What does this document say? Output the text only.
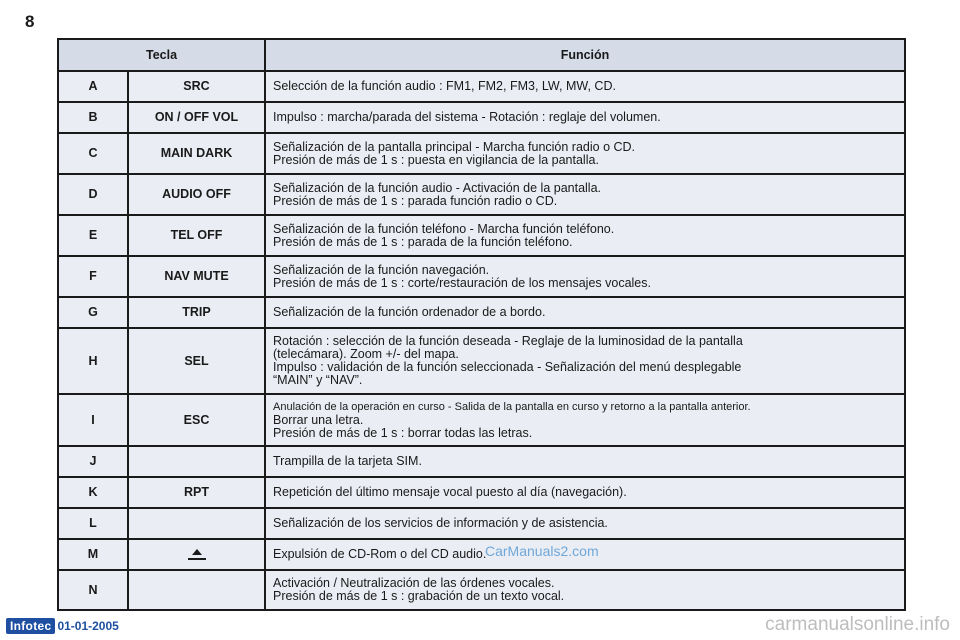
8
Tecla		Función
A	SRC	Selección de la función audio : FM1, FM2, FM3, LW, MW, CD.

B	ON / OFF VOL	Impulso : marcha/parada del sistema - Rotación : reglaje del volumen.

C	MAIN DARK	Señalización de la pantalla principal - Marcha función radio o CD.
Presión de más de 1 s : puesta en vigilancia de la pantalla.

D	AUDIO OFF	Señalización de la función audio - Activación de la pantalla.
Presión de más de 1 s : parada función radio o CD.

E	TEL OFF	Señalización de la función teléfono - Marcha función teléfono.
Presión de más de 1 s : parada de la función teléfono.

F	NAV MUTE	Señalización de la función navegación.
Presión de más de 1 s : corte/restauración de los mensajes vocales.

G	TRIP	Señalización de la función ordenador de a bordo.

H	SEL	Rotación : selección de la función deseada - Reglaje de la luminosidad de la pantalla
(telecámara). Zoom +/- del mapa.
Impulso : validación de la función seleccionada - Señalización del menú desplegable
“MAIN” y “NAV”.

I	ESC	Anulación de la operación en curso - Salida de la pantalla en curso y retorno a la pantalla anterior.
Borrar una letra.
Presión de más de 1 s : borrar todas las letras.

J		Trampilla de la tarjeta SIM.

K	RPT	Repetición del último mensaje vocal puesto al día (navegación).

L		Señalización de los servicios de información y de asistencia.

M		Expulsión de CD-Rom o del CD audio.

N		Activación / Neutralización de las órdenes vocales.
Presión de más de 1 s : grabación de un texto vocal.
CarManuals2.com
Infotec 01-01-2005	carmanualsonline.info
